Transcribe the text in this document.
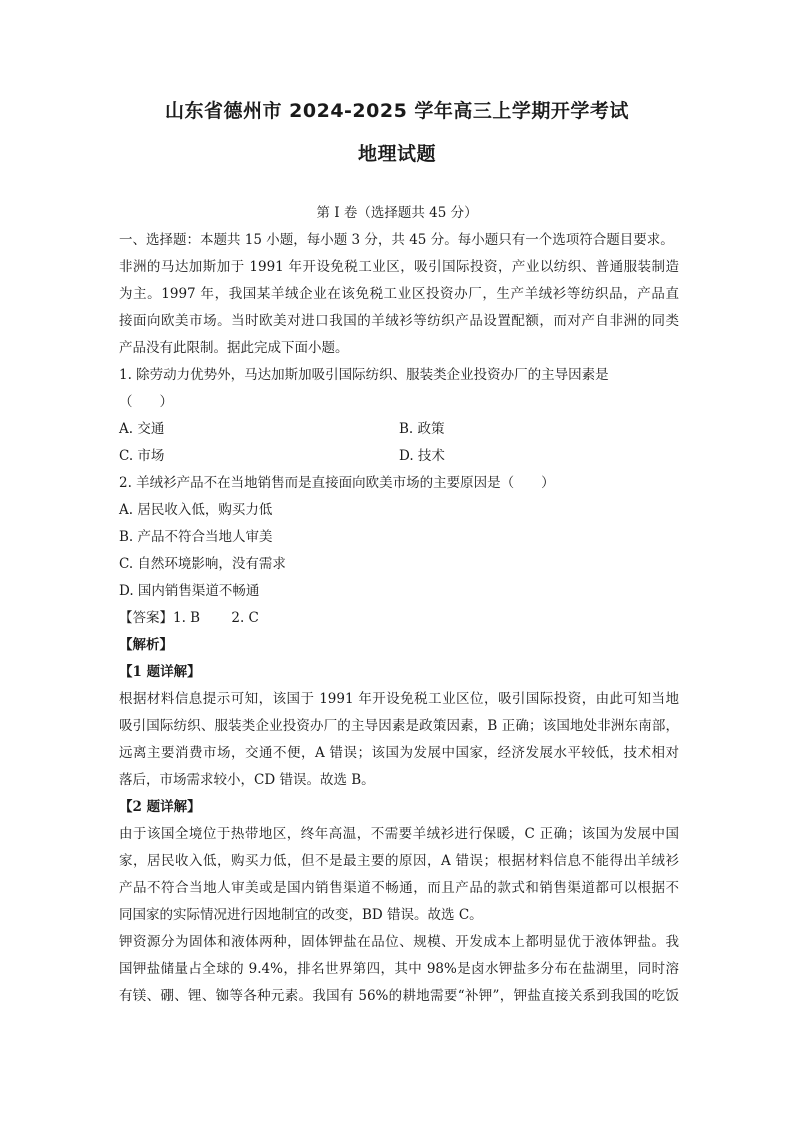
山东省德州市 2024-2025 学年高三上学期开学考试
地理试题
第 I 卷（选择题共 45 分）
一、选择题：本题共 15 小题，每小题 3 分，共 45 分。每小题只有一个选项符合题目要求。
非洲的马达加斯加于 1991 年开设免税工业区，吸引国际投资，产业以纺织、普通服装制造
为主。1997 年，我国某羊绒企业在该免税工业区投资办厂，生产羊绒衫等纺织品，产品直
接面向欧美市场。当时欧美对进口我国的羊绒衫等纺织产品设置配额，而对产自非洲的同类
产品没有此限制。据此完成下面小题。
1. 除劳动力优势外，马达加斯加吸引国际纺织、服装类企业投资办厂的主导因素是
（　　）
A. 交通	B. 政策
C. 市场	D. 技术
2. 羊绒衫产品不在当地销售而是直接面向欧美市场的主要原因是（　　）
A. 居民收入低，购买力低
B. 产品不符合当地人审美
C. 自然环境影响，没有需求
D. 国内销售渠道不畅通
【答案】1. B　　 2. C
【解析】
【1 题详解】
根据材料信息提示可知，该国于 1991 年开设免税工业区位，吸引国际投资，由此可知当地
吸引国际纺织、服装类企业投资办厂的主导因素是政策因素，B 正确；该国地处非洲东南部，
远离主要消费市场，交通不便，A 错误；该国为发展中国家，经济发展水平较低，技术相对
落后，市场需求较小，CD 错误。故选 B。
【2 题详解】
由于该国全境位于热带地区，终年高温，不需要羊绒衫进行保暖，C 正确；该国为发展中国
家，居民收入低，购买力低，但不是最主要的原因，A 错误；根据材料信息不能得出羊绒衫
产品不符合当地人审美或是国内销售渠道不畅通，而且产品的款式和销售渠道都可以根据不
同国家的实际情况进行因地制宜的改变，BD 错误。故选 C。
钾资源分为固体和液体两种，固体钾盐在品位、规模、开发成本上都明显优于液体钾盐。我
国钾盐储量占全球的 9.4%，排名世界第四，其中 98%是卤水钾盐多分布在盐湖里，同时溶
有镁、硼、锂、铷等各种元素。我国有 56%的耕地需要“补钾”，钾盐直接关系到我国的吃饭
